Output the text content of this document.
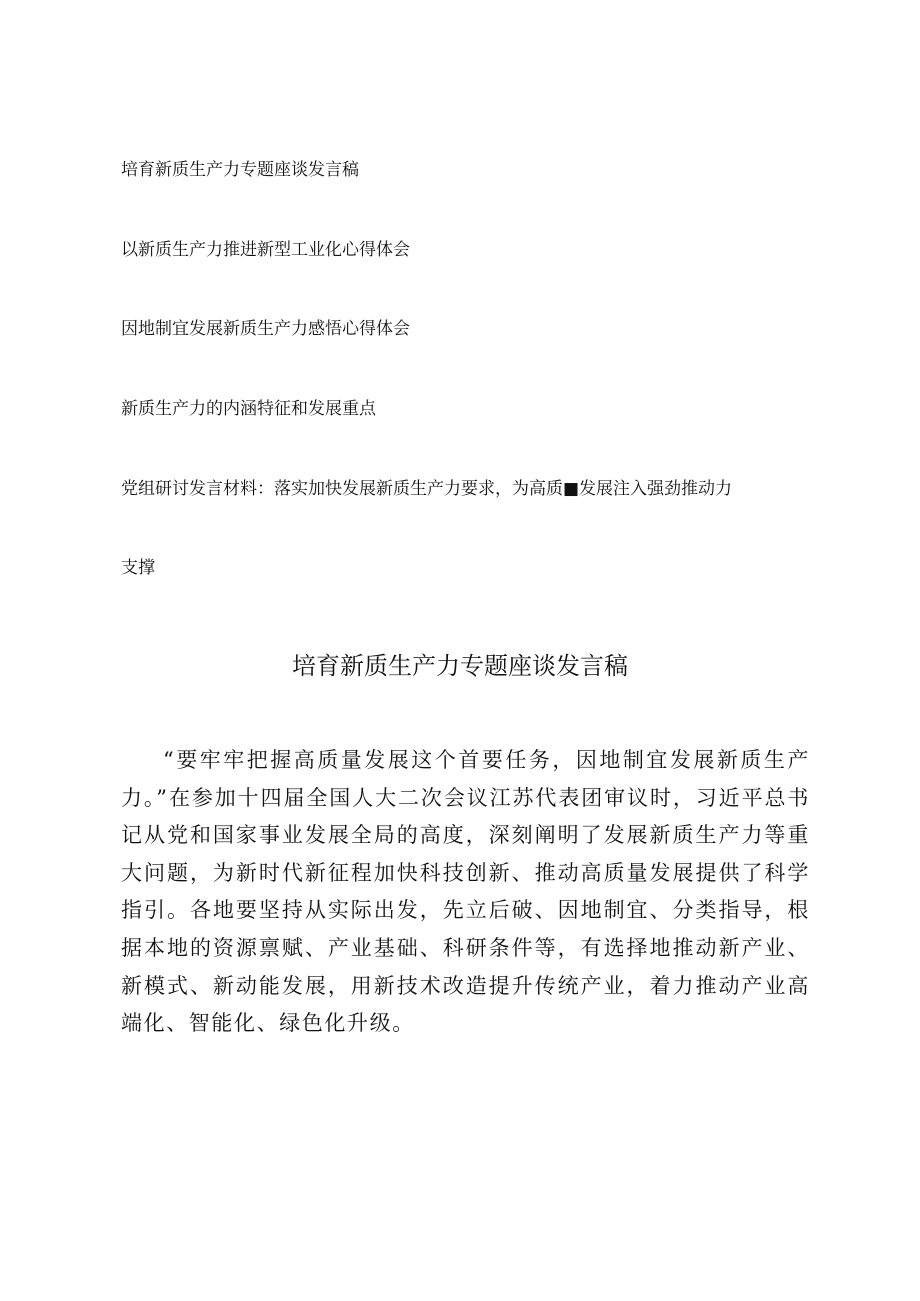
培育新质生产力专题座谈发言稿
以新质生产力推进新型工业化心得体会
因地制宜发展新质生产力感悟心得体会
新质生产力的内涵特征和发展重点
党组研讨发言材料：落实加快发展新质生产力要求，为高质■发展注入强劲推动力
支撑
培育新质生产力专题座谈发言稿

“要牢牢把握高质量发展这个首要任务，因地制宜发展新质生产力。”在参加十四届全国人大二次会议江苏代表团审议时，习近平总书记从党和国家事业发展全局的高度，深刻阐明了发展新质生产力等重大问题，为新时代新征程加快科技创新、推动高质量发展提供了科学指引。各地要坚持从实际出发，先立后破、因地制宜、分类指导，根据本地的资源禀赋、产业基础、科研条件等，有选择地推动新产业、新模式、新动能发展，用新技术改造提升传统产业，着力推动产业高端化、智能化、绿色化升级。
